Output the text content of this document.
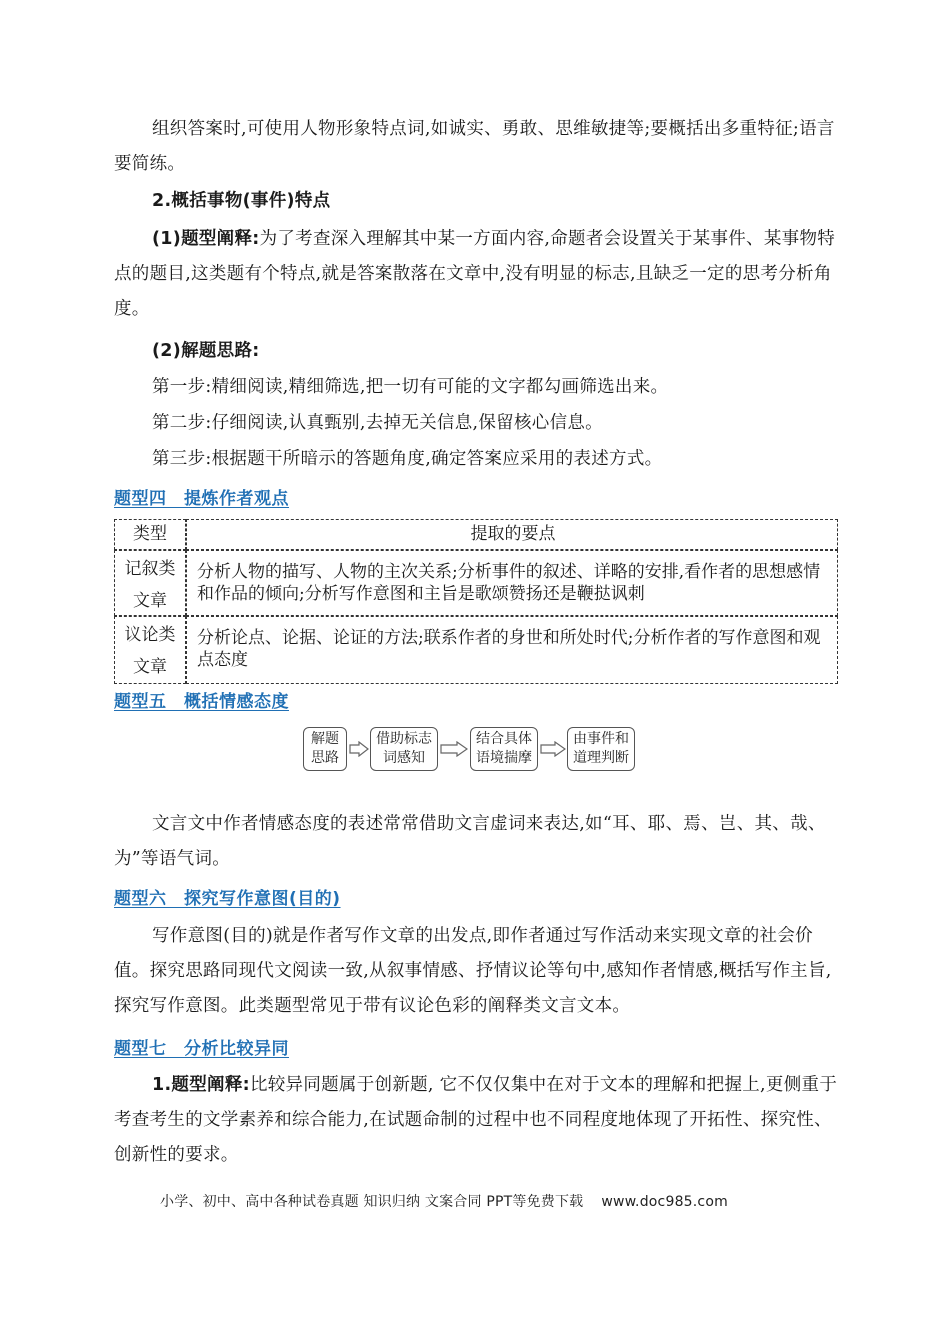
组织答案时,可使用人物形象特点词,如诚实、勇敢、思维敏捷等;要概括出多重特征;语言要简练。

2.概括事物(事件)特点

(1)题型阐释:为了考查深入理解其中某一方面内容,命题者会设置关于某事件、某事物特点的题目,这类题有个特点,就是答案散落在文章中,没有明显的标志,且缺乏一定的思考分析角度。

(2)解题思路:

第一步:精细阅读,精细筛选,把一切有可能的文字都勾画筛选出来。

第二步:仔细阅读,认真甄别,去掉无关信息,保留核心信息。

第三步:根据题干所暗示的答题角度,确定答案应采用的表述方式。

题型四　提炼作者观点
类型	提取的要点
记叙类
文章
分析人物的描写、人物的主次关系;分析事件的叙述、详略的安排,看作者的思想感情和作品的倾向;分析写作意图和主旨是歌颂赞扬还是鞭挞讽刺
议论类
文章
分析论点、论据、论证的方法;联系作者的身世和所处时代;分析作者的写作意图和观点态度
题型五　概括情感态度
解题
思路
借助标志
词感知
结合具体
语境揣摩
由事件和
道理判断

文言文中作者情感态度的表述常常借助文言虚词来表达,如“耳、耶、焉、岂、其、哉、为”等语气词。

题型六　探究写作意图(目的)

写作意图(目的)就是作者写作文章的出发点,即作者通过写作活动来实现文章的社会价值。探究思路同现代文阅读一致,从叙事情感、抒情议论等句中,感知作者情感,概括写作主旨,探究写作意图。此类题型常见于带有议论色彩的阐释类文言文本。

题型七　分析比较异同

1.题型阐释:比较异同题属于创新题, 它不仅仅集中在对于文本的理解和把握上,更侧重于考查考生的文学素养和综合能力,在试题命制的过程中也不同程度地体现了开拓性、探究性、创新性的要求。

小学、初中、高中各种试卷真题 知识归纳 文案合同 PPT等免费下载 www.doc985.com
